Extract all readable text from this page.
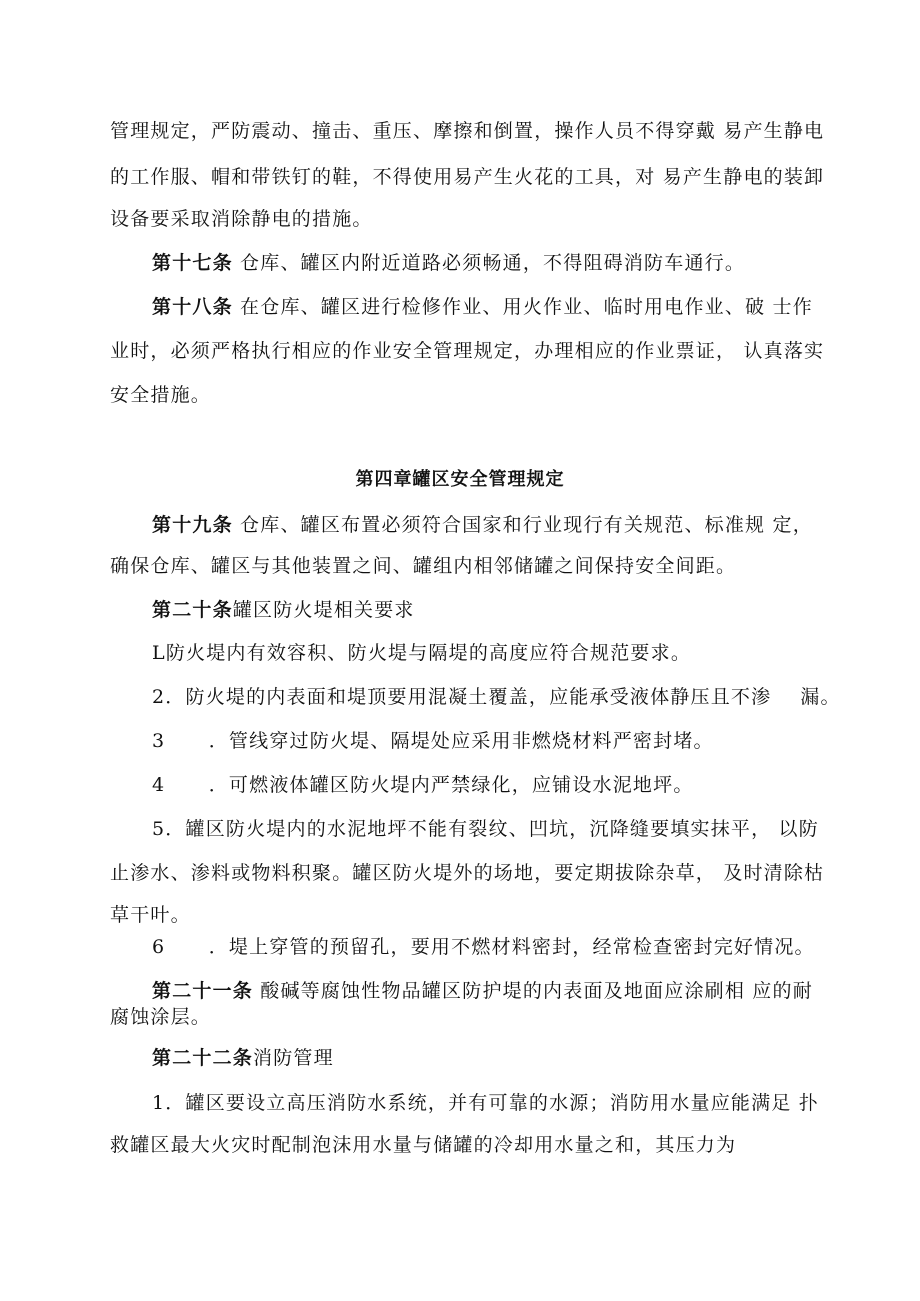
管理规定，严防震动、撞击、重压、摩擦和倒置，操作人员不得穿戴 易产生静电
的工作服、帽和带铁钉的鞋，不得使用易产生火花的工具，对 易产生静电的装卸
设备要采取消除静电的措施。
第十七条 仓库、罐区内附近道路必须畅通，不得阻碍消防车通行。
第十八条 在仓库、罐区进行检修作业、用火作业、临时用电作业、破 士作
业时，必须严格执行相应的作业安全管理规定，办理相应的作业票证， 认真落实
安全措施。
第四章罐区安全管理规定
第十九条 仓库、罐区布置必须符合国家和行业现行有关规范、标准规 定，
确保仓库、罐区与其他装置之间、罐组内相邻储罐之间保持安全间距。
第二十条罐区防火堤相关要求
L防火堤内有效容积、防火堤与隔堤的高度应符合规范要求。
2．防火堤的内表面和堤顶要用混凝土覆盖，应能承受液体静压且不渗    漏。
3      ．管线穿过防火堤、隔堤处应采用非燃烧材料严密封堵。
4      ．可燃液体罐区防火堤内严禁绿化，应铺设水泥地坪。
5．罐区防火堤内的水泥地坪不能有裂纹、凹坑，沉降缝要填实抹平， 以防
止渗水、渗料或物料积聚。罐区防火堤外的场地，要定期拔除杂草， 及时清除枯
草干叶。
6      ．堤上穿管的预留孔，要用不燃材料密封，经常检查密封完好情况。
第二十一条 酸碱等腐蚀性物品罐区防护堤的内表面及地面应涂刷相 应的耐
腐蚀涂层。
第二十二条消防管理
1．罐区要设立高压消防水系统，并有可靠的水源；消防用水量应能满足 扑
救罐区最大火灾时配制泡沫用水量与储罐的冷却用水量之和，其压力为
